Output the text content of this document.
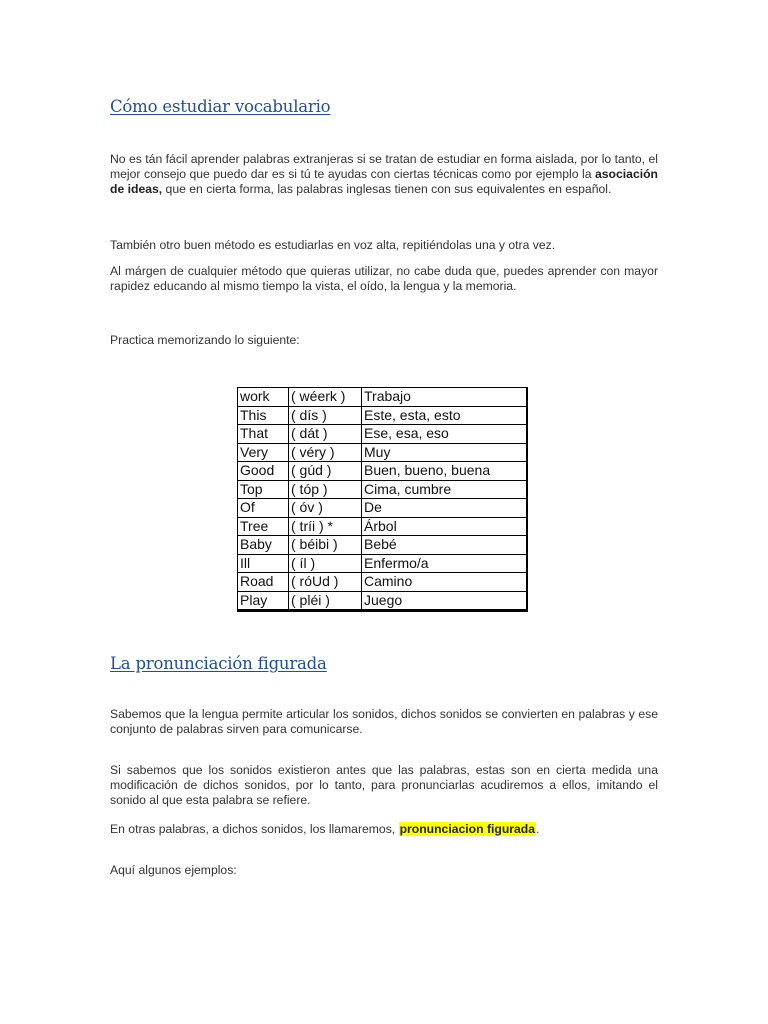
Cómo estudiar vocabulario

No es tán fácil aprender palabras extranjeras si se tratan de estudiar en forma aislada, por lo tanto, el mejor consejo que puedo dar es si tú te ayudas con ciertas técnicas como por ejemplo la asociación de ideas, que en cierta forma, las palabras inglesas tienen con sus equivalentes en español.

También otro buen método es estudiarlas en voz alta, repitiéndolas una y otra vez.

Al márgen de cualquier método que quieras utilizar, no cabe duda que, puedes aprender con mayor rapidez educando al mismo tiempo la vista, el oído, la lengua y la memoria.

Practica memorizando lo siguiente:

work	( wéerk )	Trabajo
This	( dís )	Este, esta, esto
That	( dát )	Ese, esa, eso
Very	( véry )	Muy
Good	( gúd )	Buen, bueno, buena
Top	( tóp )	Cima, cumbre
Of	( óv )	De
Tree	( tríi ) *	Árbol
Baby	( béibi )	Bebé
Ill	( íl )	Enfermo/a
Road	( róUd )	Camino
Play	( pléi )	Juego
La pronunciación figurada

Sabemos que la lengua permite articular los sonidos, dichos sonidos se convierten en palabras y ese conjunto de palabras sirven para comunicarse.

Si sabemos que los sonidos existieron antes que las palabras, estas son en cierta medida una modificación de dichos sonidos, por lo tanto, para pronunciarlas acudiremos a ellos, imitando el sonido al que esta palabra se refiere.

En otras palabras, a dichos sonidos, los llamaremos, pronunciacion figurada.

Aquí algunos ejemplos:
